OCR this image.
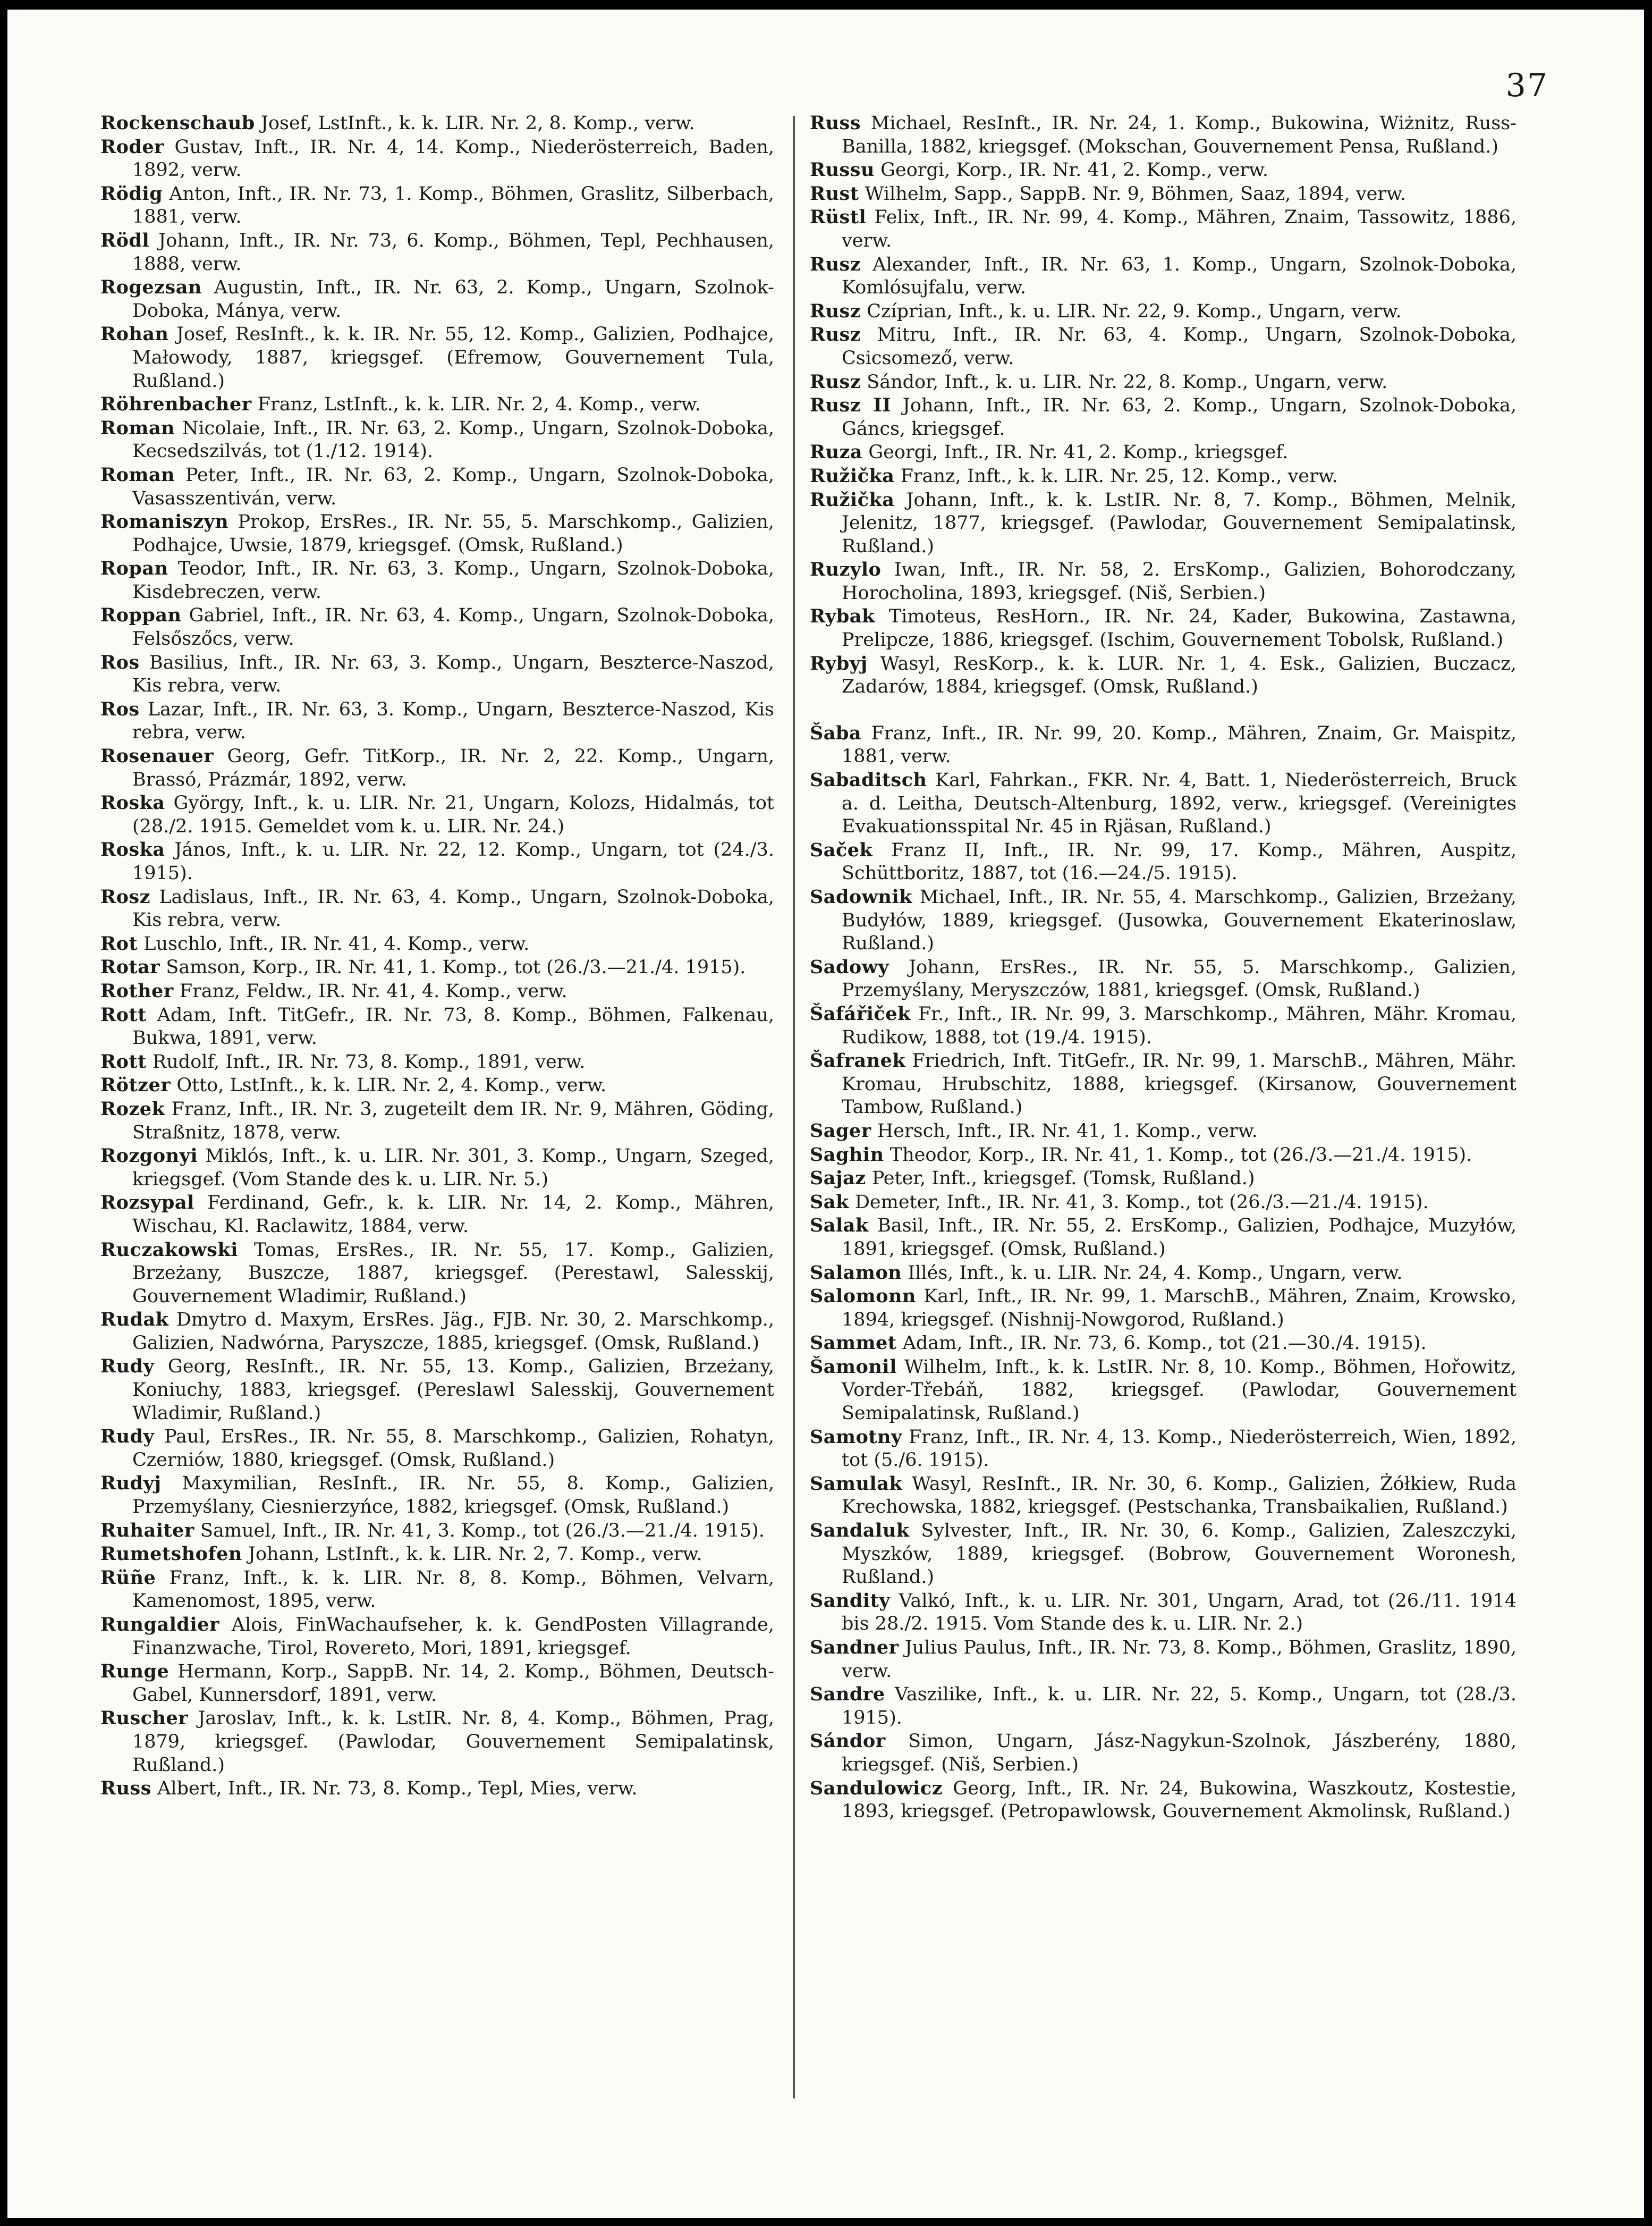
37

Rockenschaub Josef, LstInft., k. k. LIR. Nr. 2, 8. Komp., verw.

Roder Gustav, Inft., IR. Nr. 4, 14. Komp., Niederösterreich, Baden, 1892, verw.

Rödig Anton, Inft., IR. Nr. 73, 1. Komp., Böhmen, Graslitz, Silberbach, 1881, verw.

Rödl Johann, Inft., IR. Nr. 73, 6. Komp., Böhmen, Tepl, Pechhausen, 1888, verw.

Rogezsan Augustin, Inft., IR. Nr. 63, 2. Komp., Ungarn, Szolnok-Doboka, Mánya, verw.

Rohan Josef, ResInft., k. k. IR. Nr. 55, 12. Komp., Galizien, Podhajce, Małowody, 1887, kriegsgef. (Efremow, Gouvernement Tula, Rußland.)

Röhrenbacher Franz, LstInft., k. k. LIR. Nr. 2, 4. Komp., verw.

Roman Nicolaie, Inft., IR. Nr. 63, 2. Komp., Ungarn, Szolnok-Doboka, Kecsedszilvás, tot (1./12. 1914).

Roman Peter, Inft., IR. Nr. 63, 2. Komp., Ungarn, Szolnok-Doboka, Vasasszentiván, verw.

Romaniszyn Prokop, ErsRes., IR. Nr. 55, 5. Marschkomp., Galizien, Podhajce, Uwsie, 1879, kriegsgef. (Omsk, Rußland.)

Ropan Teodor, Inft., IR. Nr. 63, 3. Komp., Ungarn, Szolnok-Doboka, Kisdebreczen, verw.

Roppan Gabriel, Inft., IR. Nr. 63, 4. Komp., Ungarn, Szolnok-Doboka, Felsőszőcs, verw.

Ros Basilius, Inft., IR. Nr. 63, 3. Komp., Ungarn, Beszterce-Naszod, Kis rebra, verw.

Ros Lazar, Inft., IR. Nr. 63, 3. Komp., Ungarn, Beszterce-Naszod, Kis rebra, verw.

Rosenauer Georg, Gefr. TitKorp., IR. Nr. 2, 22. Komp., Ungarn, Brassó, Prázmár, 1892, verw.

Roska György, Inft., k. u. LIR. Nr. 21, Ungarn, Kolozs, Hidalmás, tot (28./2. 1915. Gemeldet vom k. u. LIR. Nr. 24.)

Roska János, Inft., k. u. LIR. Nr. 22, 12. Komp., Ungarn, tot (24./3. 1915).

Rosz Ladislaus, Inft., IR. Nr. 63, 4. Komp., Ungarn, Szolnok-Doboka, Kis rebra, verw.

Rot Luschlo, Inft., IR. Nr. 41, 4. Komp., verw.

Rotar Samson, Korp., IR. Nr. 41, 1. Komp., tot (26./3.—21./4. 1915).

Rother Franz, Feldw., IR. Nr. 41, 4. Komp., verw.

Rott Adam, Inft. TitGefr., IR. Nr. 73, 8. Komp., Böhmen, Falkenau, Bukwa, 1891, verw.

Rott Rudolf, Inft., IR. Nr. 73, 8. Komp., 1891, verw.

Rötzer Otto, LstInft., k. k. LIR. Nr. 2, 4. Komp., verw.

Rozek Franz, Inft., IR. Nr. 3, zugeteilt dem IR. Nr. 9, Mähren, Göding, Straßnitz, 1878, verw.

Rozgonyi Miklós, Inft., k. u. LIR. Nr. 301, 3. Komp., Ungarn, Szeged, kriegsgef. (Vom Stande des k. u. LIR. Nr. 5.)

Rozsypal Ferdinand, Gefr., k. k. LIR. Nr. 14, 2. Komp., Mähren, Wischau, Kl. Raclawitz, 1884, verw.

Ruczakowski Tomas, ErsRes., IR. Nr. 55, 17. Komp., Galizien, Brzeżany, Buszcze, 1887, kriegsgef. (Perestawl, Salesskij, Gouvernement Wladimir, Rußland.)

Rudak Dmytro d. Maxym, ErsRes. Jäg., FJB. Nr. 30, 2. Marschkomp., Galizien, Nadwórna, Paryszcze, 1885, kriegsgef. (Omsk, Rußland.)

Rudy Georg, ResInft., IR. Nr. 55, 13. Komp., Galizien, Brzeżany, Koniuchy, 1883, kriegsgef. (Pereslawl Salesskij, Gouvernement Wladimir, Rußland.)

Rudy Paul, ErsRes., IR. Nr. 55, 8. Marschkomp., Galizien, Rohatyn, Czerniów, 1880, kriegsgef. (Omsk, Rußland.)

Rudyj Maxymilian, ResInft., IR. Nr. 55, 8. Komp., Galizien, Przemyślany, Ciesnierzyńce, 1882, kriegsgef. (Omsk, Rußland.)

Ruhaiter Samuel, Inft., IR. Nr. 41, 3. Komp., tot (26./3.—21./4. 1915).

Rumetshofen Johann, LstInft., k. k. LIR. Nr. 2, 7. Komp., verw.

Rüñe Franz, Inft., k. k. LIR. Nr. 8, 8. Komp., Böhmen, Velvarn, Kamenomost, 1895, verw.

Rungaldier Alois, FinWachaufseher, k. k. GendPosten Villagrande, Finanzwache, Tirol, Rovereto, Mori, 1891, kriegsgef.

Runge Hermann, Korp., SappB. Nr. 14, 2. Komp., Böhmen, Deutsch-Gabel, Kunnersdorf, 1891, verw.

Ruscher Jaroslav, Inft., k. k. LstIR. Nr. 8, 4. Komp., Böhmen, Prag, 1879, kriegsgef. (Pawlodar, Gouvernement Semipalatinsk, Rußland.)

Russ Albert, Inft., IR. Nr. 73, 8. Komp., Tepl, Mies, verw.

Russ Michael, ResInft., IR. Nr. 24, 1. Komp., Bukowina, Wiżnitz, Russ-Banilla, 1882, kriegsgef. (Mokschan, Gouvernement Pensa, Rußland.)

Russu Georgi, Korp., IR. Nr. 41, 2. Komp., verw.

Rust Wilhelm, Sapp., SappB. Nr. 9, Böhmen, Saaz, 1894, verw.

Rüstl Felix, Inft., IR. Nr. 99, 4. Komp., Mähren, Znaim, Tassowitz, 1886, verw.

Rusz Alexander, Inft., IR. Nr. 63, 1. Komp., Ungarn, Szolnok-Doboka, Komlósujfalu, verw.

Rusz Czíprian, Inft., k. u. LIR. Nr. 22, 9. Komp., Ungarn, verw.

Rusz Mitru, Inft., IR. Nr. 63, 4. Komp., Ungarn, Szolnok-Doboka, Csicsomező, verw.

Rusz Sándor, Inft., k. u. LIR. Nr. 22, 8. Komp., Ungarn, verw.

Rusz II Johann, Inft., IR. Nr. 63, 2. Komp., Ungarn, Szolnok-Doboka, Gáncs, kriegsgef.

Ruza Georgi, Inft., IR. Nr. 41, 2. Komp., kriegsgef.

Ružička Franz, Inft., k. k. LIR. Nr. 25, 12. Komp., verw.

Ružička Johann, Inft., k. k. LstIR. Nr. 8, 7. Komp., Böhmen, Melnik, Jelenitz, 1877, kriegsgef. (Pawlodar, Gouvernement Semipalatinsk, Rußland.)

Ruzylo Iwan, Inft., IR. Nr. 58, 2. ErsKomp., Galizien, Bohorodczany, Horocholina, 1893, kriegsgef. (Niš, Serbien.)

Rybak Timoteus, ResHorn., IR. Nr. 24, Kader, Bukowina, Zastawna, Prelipcze, 1886, kriegsgef. (Ischim, Gouvernement Tobolsk, Rußland.)

Rybyj Wasyl, ResKorp., k. k. LUR. Nr. 1, 4. Esk., Galizien, Buczacz, Zadarów, 1884, kriegsgef. (Omsk, Rußland.)

Šaba Franz, Inft., IR. Nr. 99, 20. Komp., Mähren, Znaim, Gr. Maispitz, 1881, verw.

Sabaditsch Karl, Fahrkan., FKR. Nr. 4, Batt. 1, Niederösterreich, Bruck a. d. Leitha, Deutsch-Altenburg, 1892, verw., kriegsgef. (Vereinigtes Evakuationsspital Nr. 45 in Rjäsan, Rußland.)

Saček Franz II, Inft., IR. Nr. 99, 17. Komp., Mähren, Auspitz, Schüttboritz, 1887, tot (16.—24./5. 1915).

Sadownik Michael, Inft., IR. Nr. 55, 4. Marschkomp., Galizien, Brzeżany, Budyłów, 1889, kriegsgef. (Jusowka, Gouvernement Ekaterinoslaw, Rußland.)

Sadowy Johann, ErsRes., IR. Nr. 55, 5. Marschkomp., Galizien, Przemyślany, Meryszczów, 1881, kriegsgef. (Omsk, Rußland.)

Šafářiček Fr., Inft., IR. Nr. 99, 3. Marschkomp., Mähren, Mähr. Kromau, Rudikow, 1888, tot (19./4. 1915).

Šafranek Friedrich, Inft. TitGefr., IR. Nr. 99, 1. MarschB., Mähren, Mähr. Kromau, Hrubschitz, 1888, kriegsgef. (Kirsanow, Gouvernement Tambow, Rußland.)

Sager Hersch, Inft., IR. Nr. 41, 1. Komp., verw.

Saghin Theodor, Korp., IR. Nr. 41, 1. Komp., tot (26./3.—21./4. 1915).

Sajaz Peter, Inft., kriegsgef. (Tomsk, Rußland.)

Sak Demeter, Inft., IR. Nr. 41, 3. Komp., tot (26./3.—21./4. 1915).

Salak Basil, Inft., IR. Nr. 55, 2. ErsKomp., Galizien, Podhajce, Muzyłów, 1891, kriegsgef. (Omsk, Rußland.)

Salamon Illés, Inft., k. u. LIR. Nr. 24, 4. Komp., Ungarn, verw.

Salomonn Karl, Inft., IR. Nr. 99, 1. MarschB., Mähren, Znaim, Krowsko, 1894, kriegsgef. (Nishnij-Nowgorod, Rußland.)

Sammet Adam, Inft., IR. Nr. 73, 6. Komp., tot (21.—30./4. 1915).

Šamonil Wilhelm, Inft., k. k. LstIR. Nr. 8, 10. Komp., Böhmen, Hořowitz, Vorder-Třebáň, 1882, kriegsgef. (Pawlodar, Gouvernement Semipalatinsk, Rußland.)

Samotny Franz, Inft., IR. Nr. 4, 13. Komp., Niederösterreich, Wien, 1892, tot (5./6. 1915).

Samulak Wasyl, ResInft., IR. Nr. 30, 6. Komp., Galizien, Żółkiew, Ruda Krechowska, 1882, kriegsgef. (Pestschanka, Transbaikalien, Rußland.)

Sandaluk Sylvester, Inft., IR. Nr. 30, 6. Komp., Galizien, Zaleszczyki, Myszków, 1889, kriegsgef. (Bobrow, Gouvernement Woronesh, Rußland.)

Sandity Valkó, Inft., k. u. LIR. Nr. 301, Ungarn, Arad, tot (26./11. 1914 bis 28./2. 1915. Vom Stande des k. u. LIR. Nr. 2.)

Sandner Julius Paulus, Inft., IR. Nr. 73, 8. Komp., Böhmen, Graslitz, 1890, verw.

Sandre Vaszilike, Inft., k. u. LIR. Nr. 22, 5. Komp., Ungarn, tot (28./3. 1915).

Sándor Simon, Ungarn, Jász-Nagykun-Szolnok, Jászberény, 1880, kriegsgef. (Niš, Serbien.)

Sandulowicz Georg, Inft., IR. Nr. 24, Bukowina, Waszkoutz, Kostestie, 1893, kriegsgef. (Petropawlowsk, Gouvernement Akmolinsk, Rußland.)
